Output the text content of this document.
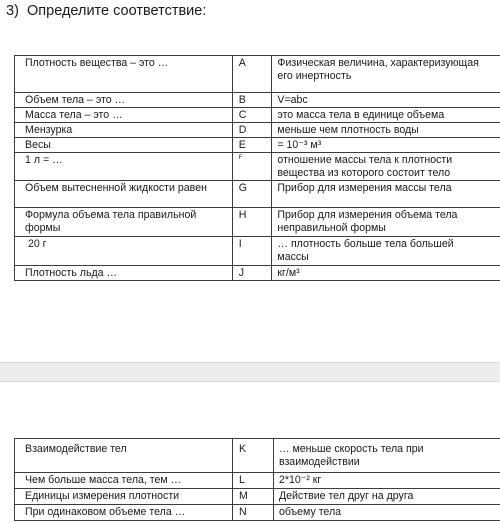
3) Определите соответствие:
Плотность вещества – это …	A	Физическая величина, характеризующая
его инертность
Объем тела – это …	B	V=abc
Масса тела – это …	C	это масса тела в единице объема
Мензурка	D	меньше чем плотность воды
Весы	E	= 10⁻³ м³
1 л = …	F	отношение массы тела к плотности
вещества из которого состоит тело
Объем вытесненной жидкости равен	G	Прибор для измерения массы тела
Формула объема тела правильной
формы	H	Прибор для измерения объема тела
неправильной формы
20 г	I	… плотность больше тела большей
массы
Плотность льда …	J	кг/м³
Взаимодействие тел	K	… меньше скорость тела при
взаимодействии
Чем больше масса тела, тем …	L	2*10⁻² кг
Единицы измерения плотности	M	Действие тел друг на друга
При одинаковом объеме тела …	N	объему тела
